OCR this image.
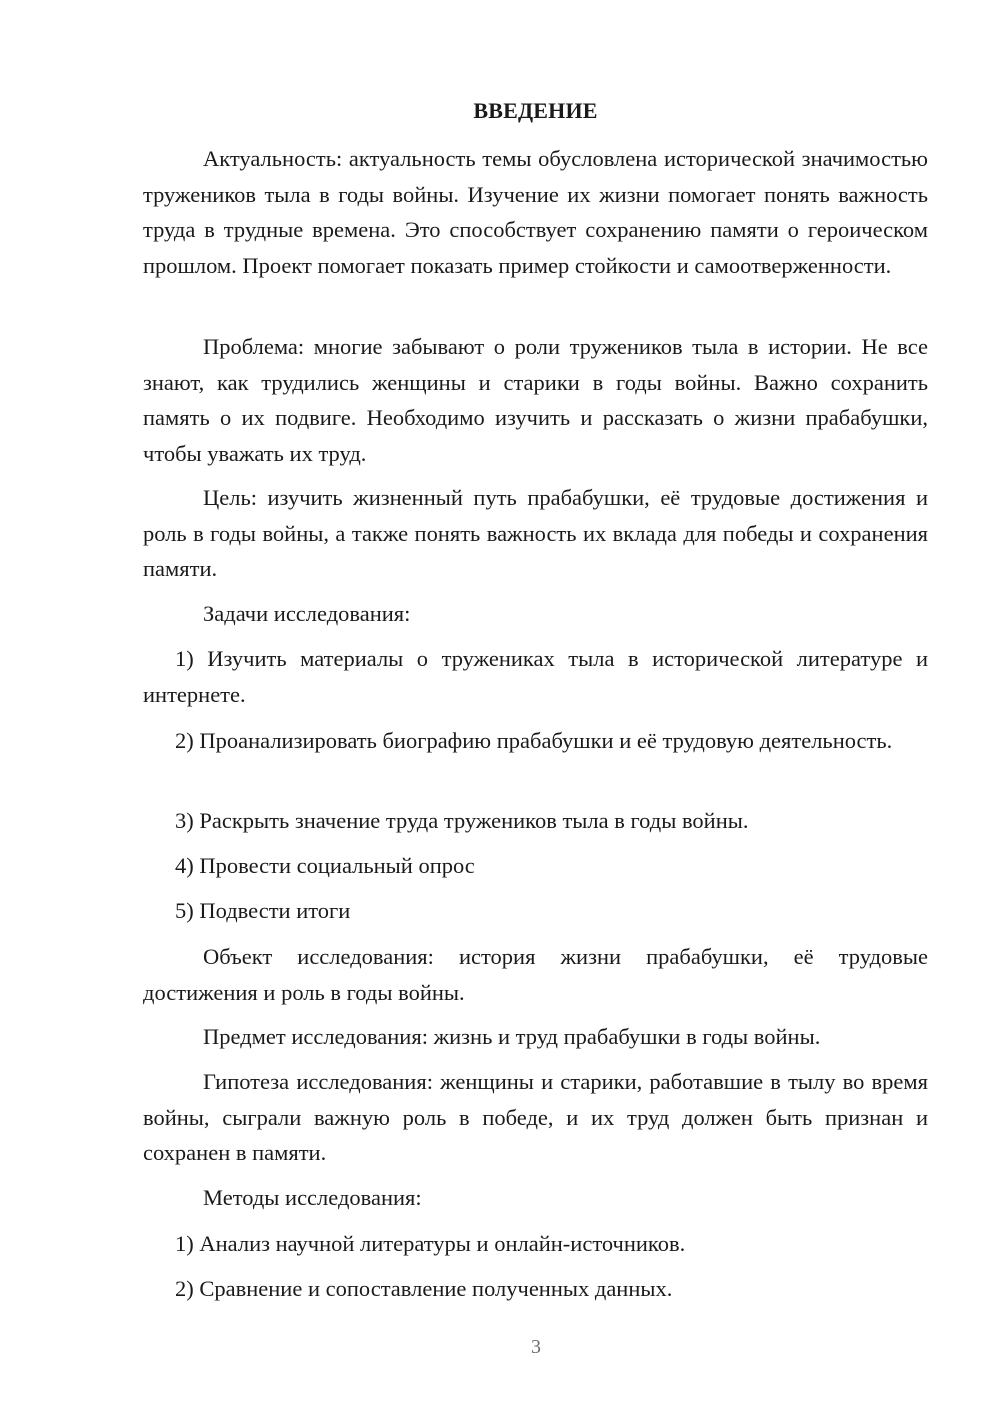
ВВЕДЕНИЕ

Актуальность: актуальность темы обусловлена исторической значимостью тружеников тыла в годы войны. Изучение их жизни помогает понять важность труда в трудные времена. Это способствует сохранению памяти о героическом прошлом. Проект помогает показать пример стойкости и самоотверженности.

Проблема: многие забывают о роли тружеников тыла в истории. Не все знают, как трудились женщины и старики в годы войны. Важно сохранить память о их подвиге. Необходимо изучить и рассказать о жизни прабабушки, чтобы уважать их труд.

Цель: изучить жизненный путь прабабушки, её трудовые достижения и роль в годы войны, а также понять важность их вклада для победы и сохранения памяти.

Задачи исследования:

1) Изучить материалы о тружениках тыла в исторической литературе и интернете.

2) Проанализировать биографию прабабушки и её трудовую деятельность.

3) Раскрыть значение труда тружеников тыла в годы войны.

4) Провести социальный опрос

5) Подвести итоги

Объект исследования: история жизни прабабушки, её трудовые достижения и роль в годы войны.

Предмет исследования: жизнь и труд прабабушки в годы войны.

Гипотеза исследования: женщины и старики, работавшие в тылу во время войны, сыграли важную роль в победе, и их труд должен быть признан и сохранен в памяти.

Методы исследования:

1) Анализ научной литературы и онлайн-источников.

2) Сравнение и сопоставление полученных данных.

3
